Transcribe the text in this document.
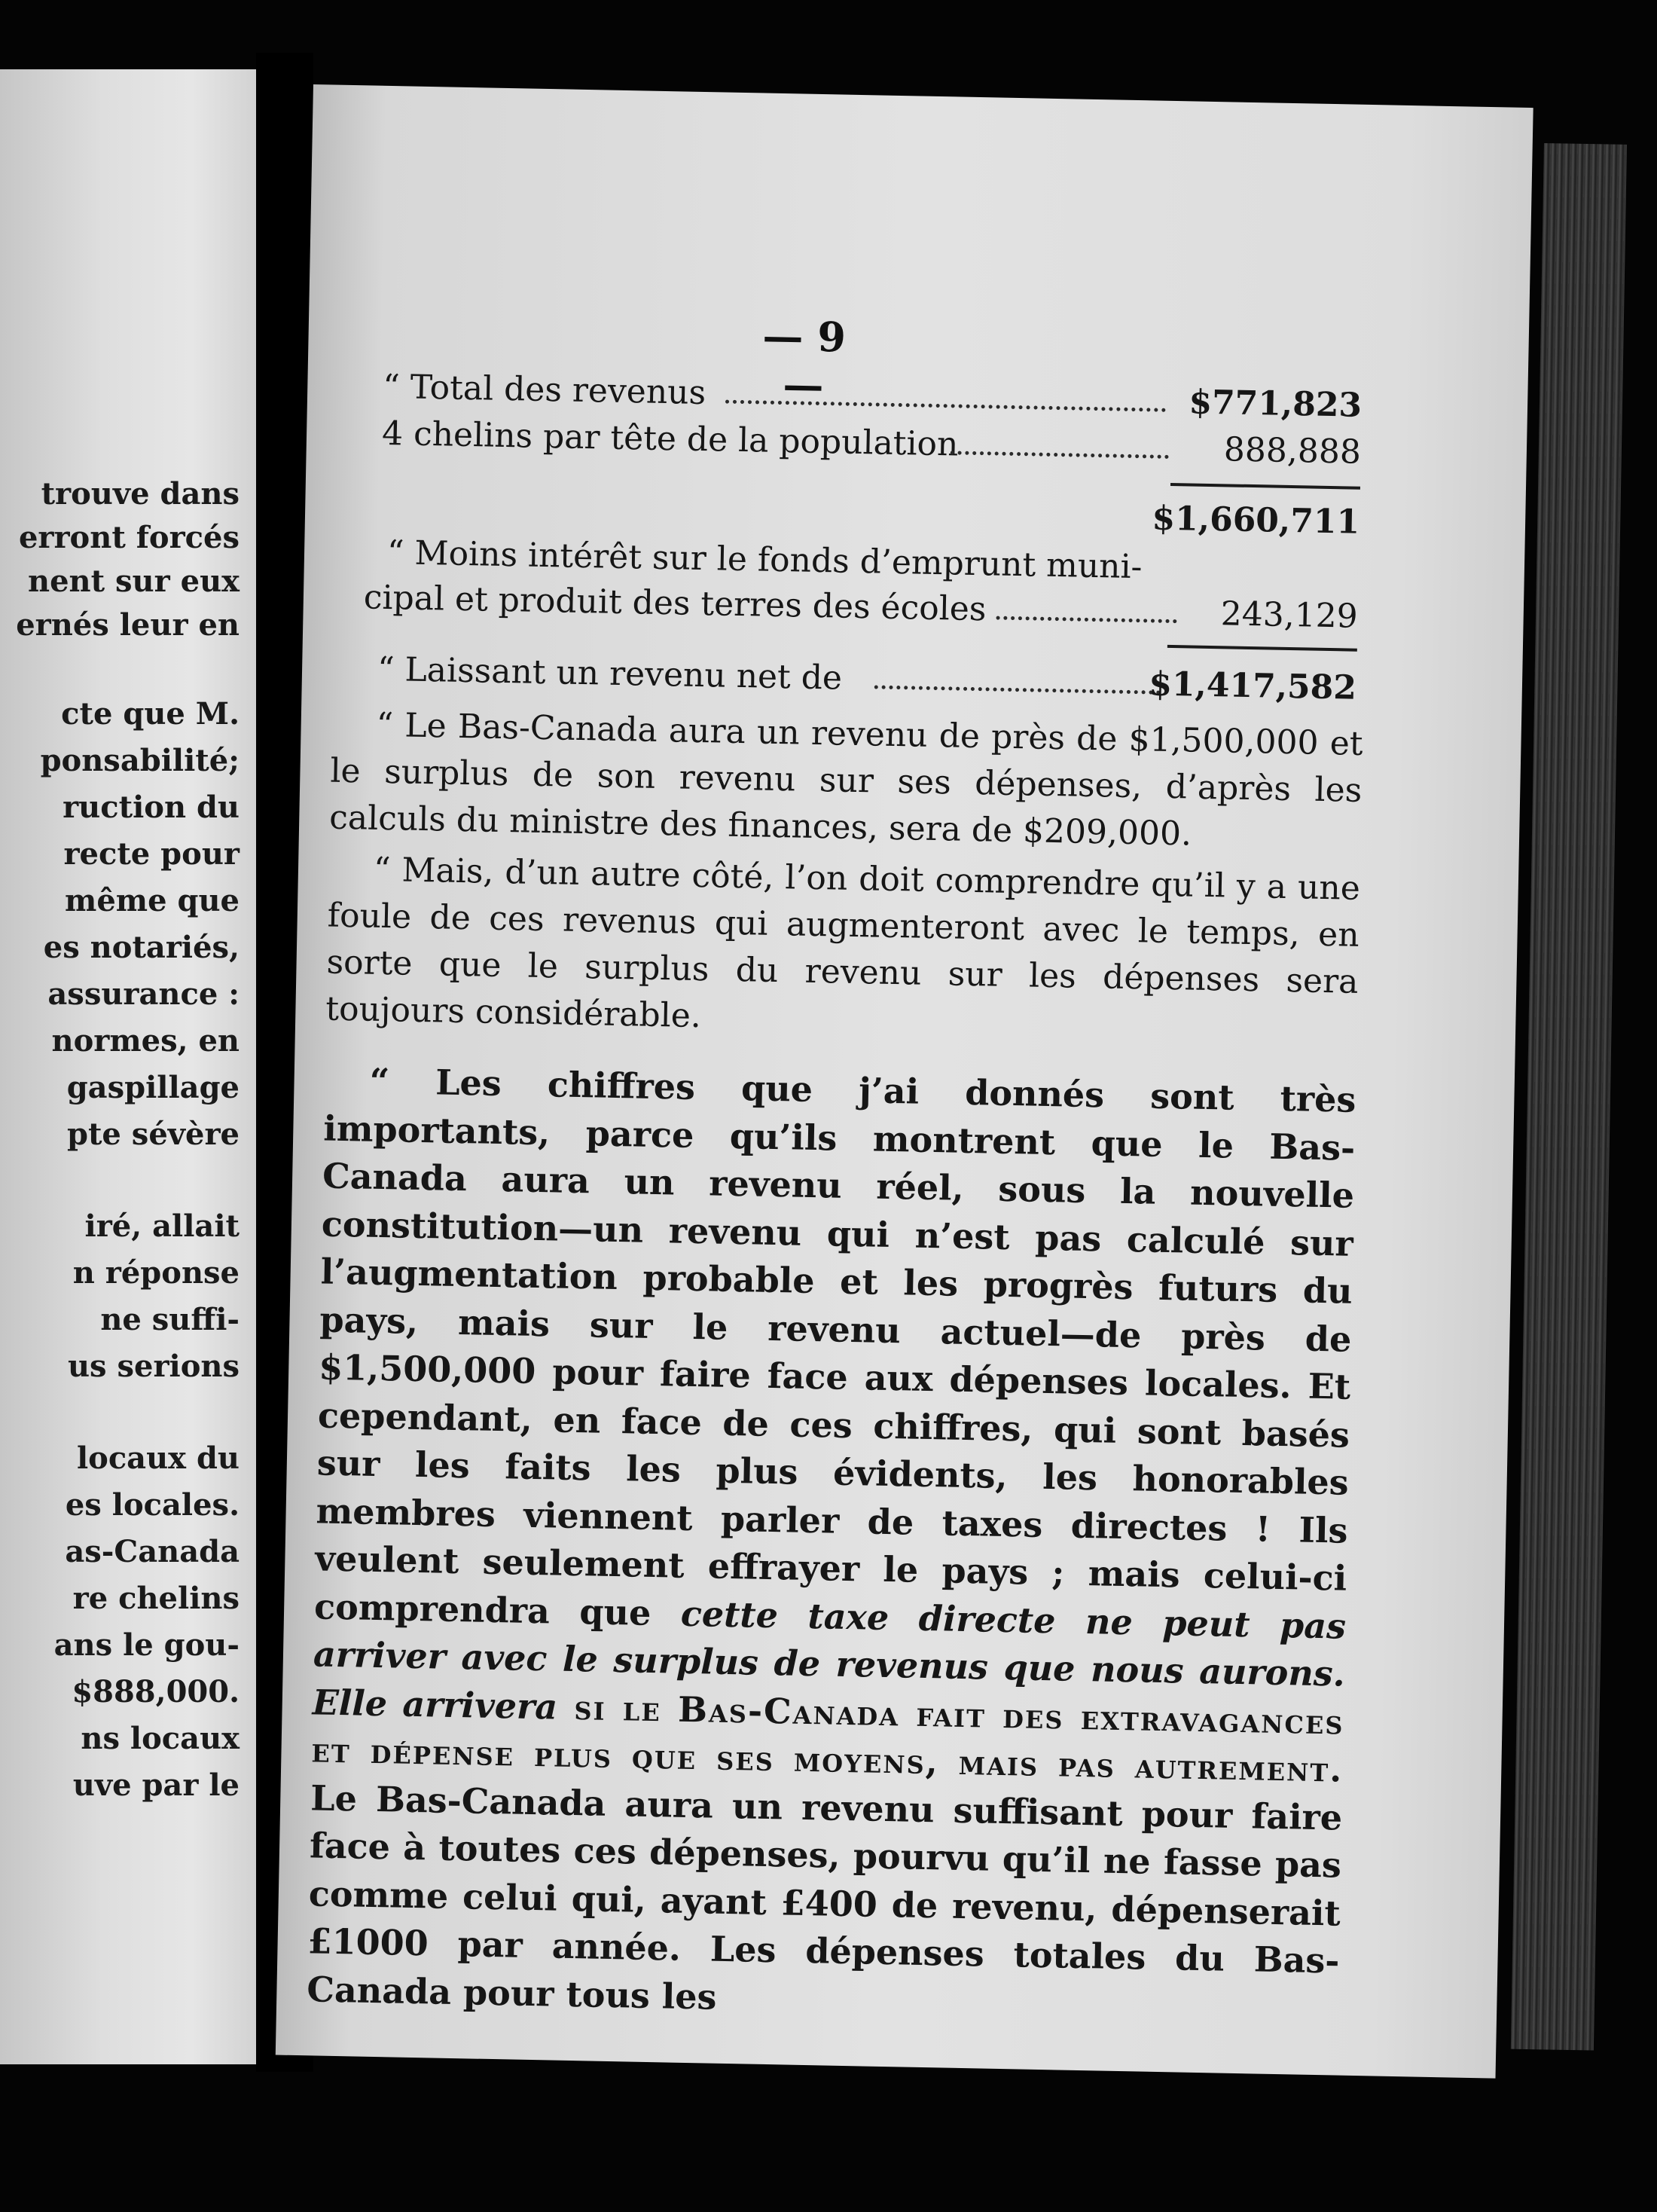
trouve dans
erront forcés
nent sur eux
ernés leur en
cte que M.
ponsabilité;
ruction du
recte pour
même que
es notariés,
assurance :
normes, en
gaspillage
pte sévère
iré, allait
n réponse
ne suffi-
us serions
locaux du
es locales.
as-Canada
re chelins
ans le gou-
$888,000.
ns locaux
uve par le
— 9 —
“ Total des revenus	$771,823
4 chelins par tête de la population	888,888
$1,660,711
“ Moins intérêt sur le fonds d’emprunt muni-
cipal et produit des terres des écoles	243,129
“ Laissant un revenu net de	$1,417,582

“ Le Bas-Canada aura un revenu de près de $1,500,000 et le surplus de son revenu sur ses dépenses, d’après les calculs du ministre des finances, sera de $209,000.

“ Mais, d’un autre côté, l’on doit comprendre qu’il y a une foule de ces revenus qui augmenteront avec le temps, en sorte que le surplus du revenu sur les dépenses sera toujours considérable.

“ Les chiffres que j’ai donnés sont très importants, parce qu’ils montrent que le Bas-Canada aura un revenu réel, sous la nouvelle constitution—un revenu qui n’est pas calculé sur l’augmentation probable et les progrès futurs du pays, mais sur le revenu actuel—de près de $1,500,000 pour faire face aux dépenses locales. Et cependant, en face de ces chiffres, qui sont basés sur les faits les plus évidents, les honorables membres viennent parler de taxes directes ! Ils veulent seulement effrayer le pays ; mais celui-ci comprendra que cette taxe directe ne peut pas arriver avec le surplus de revenus que nous aurons. Elle arrivera si le Bas-Canada fait des extravagances et dépense plus que ses moyens, mais pas autrement. Le Bas-Canada aura un revenu suffisant pour faire face à toutes ces dépenses, pourvu qu’il ne fasse pas comme celui qui, ayant £400 de revenu, dépenserait £1000 par année. Les dépenses totales du Bas-Canada pour tous les
